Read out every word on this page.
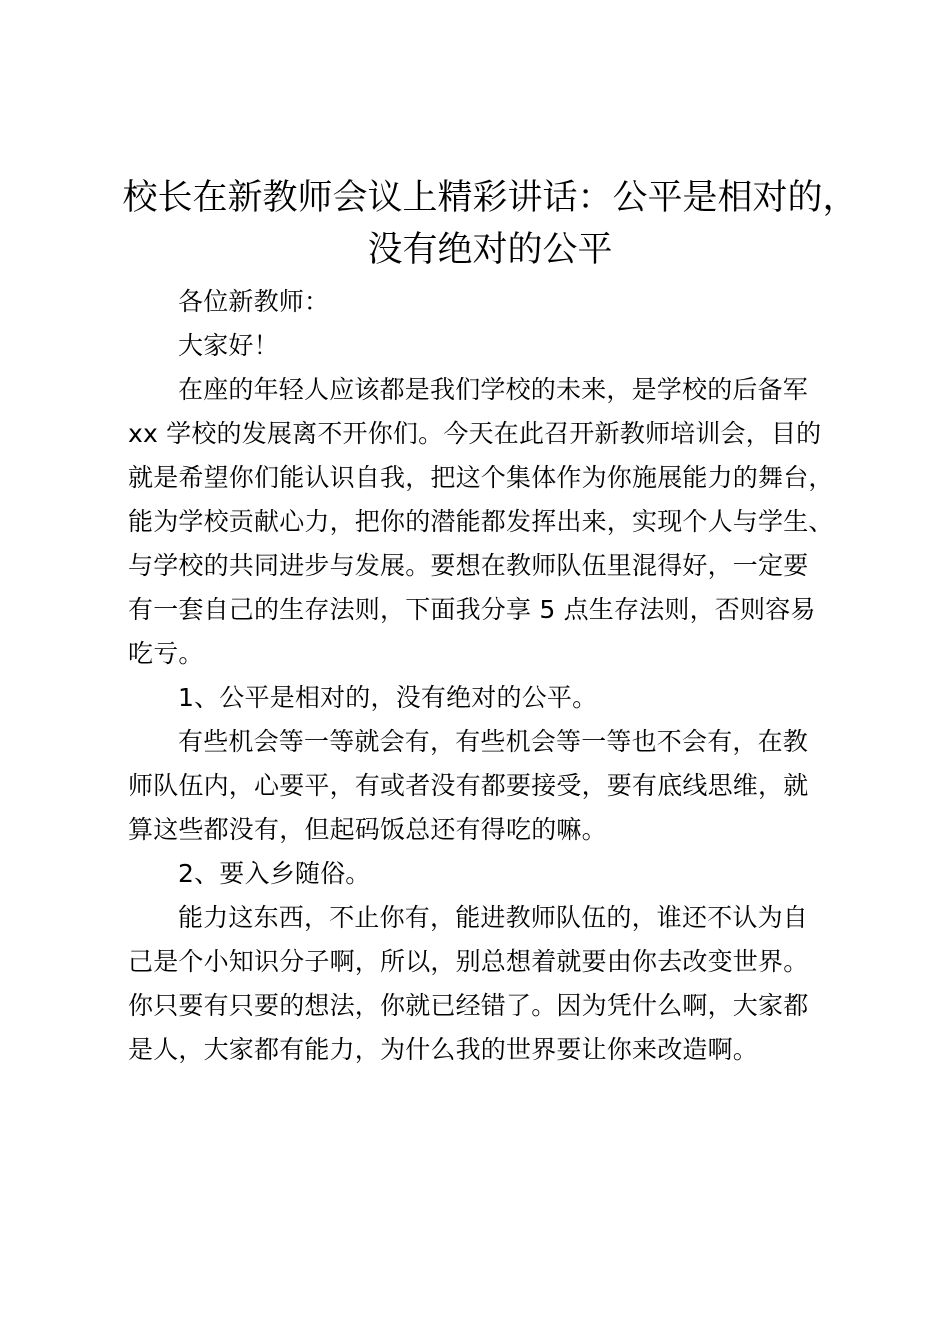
校长在新教师会议上精彩讲话：公平是相对的，
没有绝对的公平
各位新教师：
大家好！
在座的年轻人应该都是我们学校的未来，是学校的后备军
xx 学校的发展离不开你们。今天在此召开新教师培训会，目的
就是希望你们能认识自我，把这个集体作为你施展能力的舞台，
能为学校贡献心力，把你的潜能都发挥出来，实现个人与学生、
与学校的共同进步与发展。要想在教师队伍里混得好，一定要
有一套自己的生存法则，下面我分享 5 点生存法则，否则容易
吃亏。
1、公平是相对的，没有绝对的公平。
有些机会等一等就会有，有些机会等一等也不会有，在教
师队伍内，心要平，有或者没有都要接受，要有底线思维，就
算这些都没有，但起码饭总还有得吃的嘛。
2、要入乡随俗。
能力这东西，不止你有，能进教师队伍的，谁还不认为自
己是个小知识分子啊，所以，别总想着就要由你去改变世界。
你只要有只要的想法，你就已经错了。因为凭什么啊，大家都
是人，大家都有能力，为什么我的世界要让你来改造啊。
